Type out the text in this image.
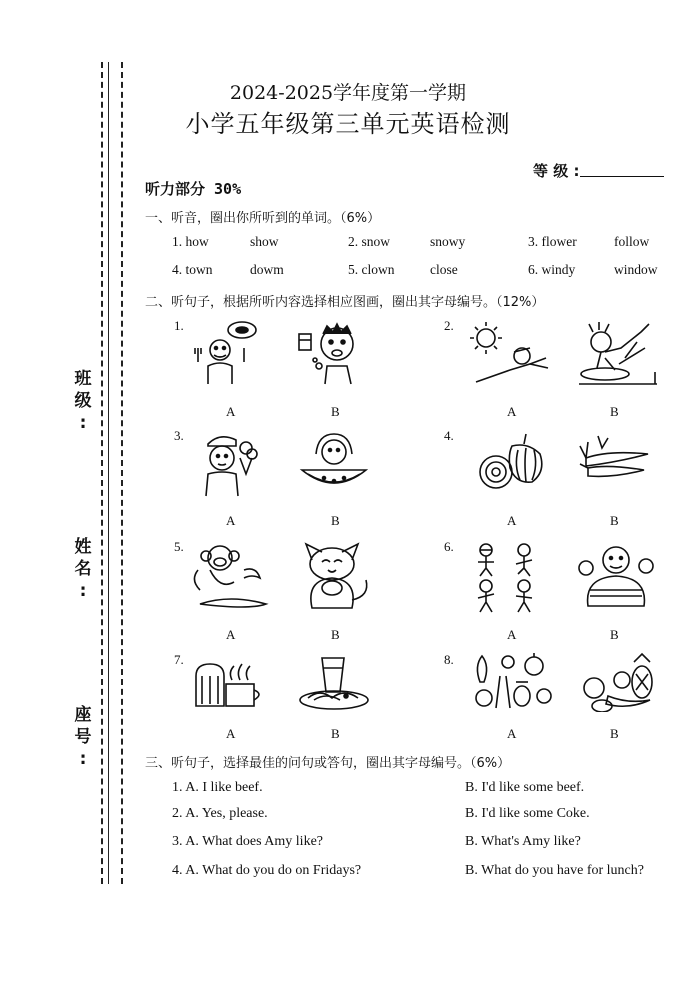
班
级
:
姓
名
:
座
号
:
2024-2025学年度第一学期
小学五年级第三单元英语检测
等 级 :
听力部分 30%
一、听音，圈出你所听到的单词。（6%）
1. how	show	2. snow	snowy	3. flower	follow
4. town	dowm	5. clown	close	6. windy	window
二、听句子，根据所听内容选择相应图画，圈出其字母编号。（12%）
1.	2.
3.	4.
5.	6.
7.	8.
A	B	A	B
A	B	A	B
A	B	A	B
A	B	A	B
三、听句子，选择最佳的问句或答句，圈出其字母编号。（6%）
1. A. I like beef.	B. I'd like some beef.
2. A. Yes, please.	B. I'd like some Coke.
3. A. What does Amy like?	B. What's Amy like?
4. A. What do you do on Fridays?	B. What do you have for lunch?
